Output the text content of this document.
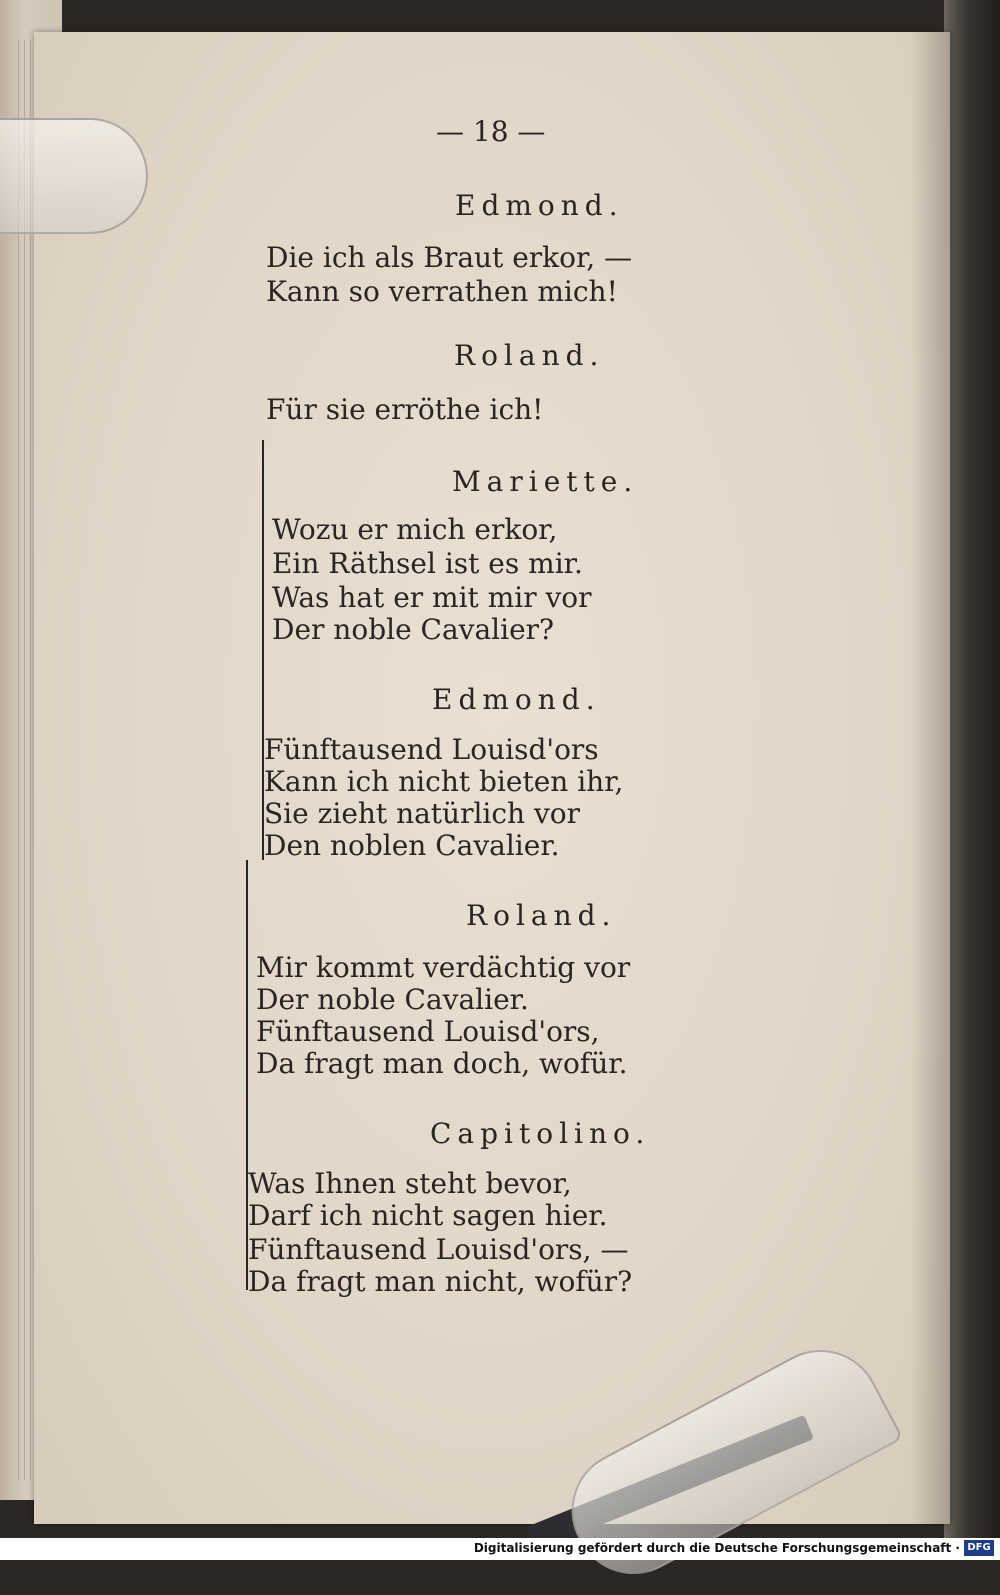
— 18 —
Edmond.
Die ich als Braut erkor, —
Kann so verrathen mich!
Roland.
Für sie erröthe ich!
Mariette.
Wozu er mich erkor,
Ein Räthsel ist es mir.
Was hat er mit mir vor
Der noble Cavalier?
Edmond.
Fünftausend Louisd'ors
Kann ich nicht bieten ihr,
Sie zieht natürlich vor
Den noblen Cavalier.
Roland.
Mir kommt verdächtig vor
Der noble Cavalier.
Fünftausend Louisd'ors,
Da fragt man doch, wofür.
Capitolino.
Was Ihnen steht bevor,
Darf ich nicht sagen hier.
Fünftausend Louisd'ors, —
Da fragt man nicht, wofür?
Digitalisierung gefördert durch die Deutsche Forschungsgemeinschaft · DFG
